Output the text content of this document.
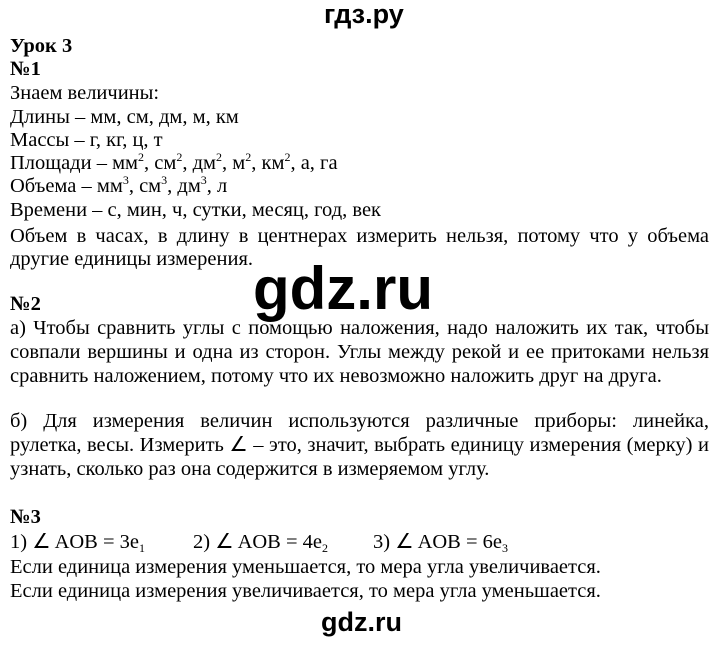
гдз.ру
gdz.ru
gdz.ru
Урок 3
№1
Знаем величины:
Длины – мм, см, дм, м, км
Массы – г, кг, ц, т
Площади – $мм^2$, $см^2$, $дм^2$, $м^2$, $км^2$, а, га
Объема – $мм^3$, $см^3$, $дм^3$, л
Времени – с, мин, ч, сутки, месяц, год, век
Объем в часах, в длину в центнерах измерить нельзя, потому что у объема
другие единицы измерения.
№2
а) Чтобы сравнить углы с помощью наложения, надо наложить их так, чтобы
совпали вершины и одна из сторон. Углы между рекой и ее притоками нельзя
сравнить наложением, потому что их невозможно наложить друг на друга.
б) Для измерения величин используются различные приборы: линейка,
рулетка, весы. Измерить ∠ – это, значит, выбрать единицу измерения (мерку) и
узнать, сколько раз она содержится в измеряемом углу.
№3
1) ∠ AOB = $3e_1$ 2) ∠ AOB = $4e_2$ 3) ∠ AOB = $6e_3$
Если единица измерения уменьшается, то мера угла увеличивается.
Если единица измерения увеличивается, то мера угла уменьшается.
